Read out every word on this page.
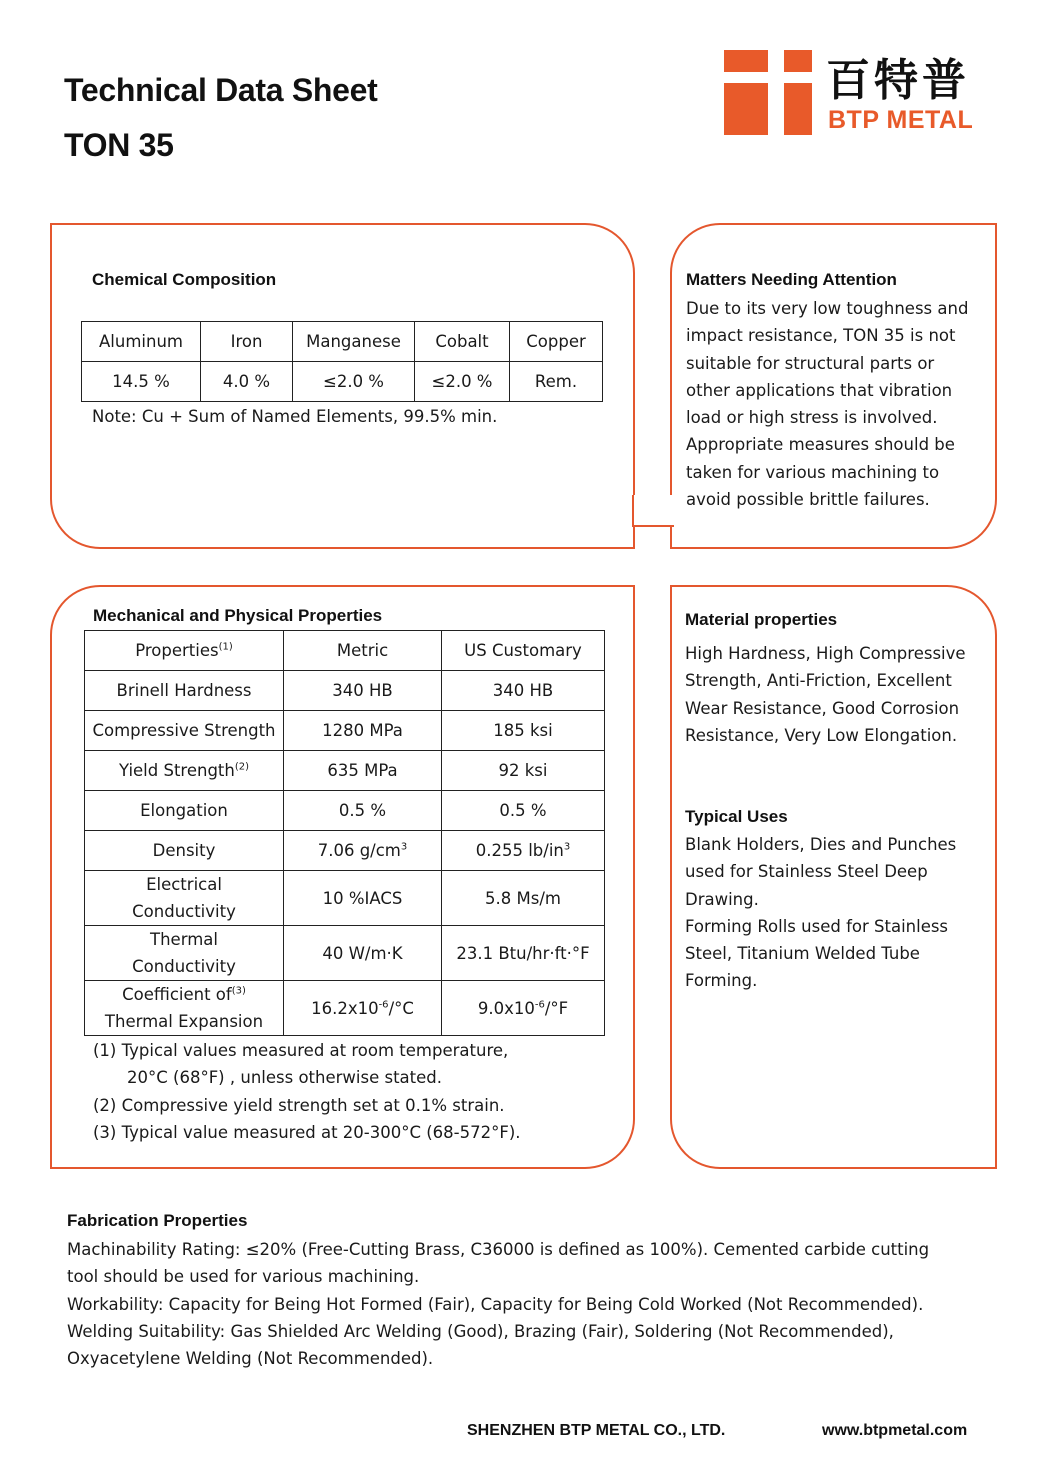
Technical Data Sheet
TON 35
百特普
BTP METAL
Chemical Composition
Aluminum	Iron	Manganese	Cobalt	Copper
14.5 %	4.0 %	≤2.0 %	≤2.0 %	Rem.
Note: Cu + Sum of Named Elements, 99.5% min.
Matters Needing Attention
Due to its very low toughness and
impact resistance, TON 35 is not
suitable for structural parts or
other applications that vibration
load or high stress is involved.
Appropriate measures should be
taken for various machining to
avoid possible brittle failures.
Mechanical and Physical Properties
Properties$^{(1)}$	Metric	US Customary
Brinell Hardness	340 HB	340 HB
Compressive Strength	1280 MPa	185 ksi
Yield Strength$^{(2)}$	635 MPa	92 ksi
Elongation	0.5 %	0.5 %
Density	7.06 $g/cm^3$	0.255 $lb/in^3$

Electrical
Conductivity	10 %IACS	5.8 Ms/m

Thermal
Conductivity	40 W/m·K	23.1 Btu/hr·ft·°F

Coefficient $of^{(3)}$
Thermal Expansion	$16.2x10^{-6}/^\circ C$	$9.0x10^{-6}/^\circ F$
(1) Typical values measured at room temperature,
20°C (68°F) , unless otherwise stated.
(2) Compressive yield strength set at 0.1% strain.
(3) Typical value measured at 20-300°C (68-572°F).
Material properties
High Hardness, High Compressive
Strength, Anti-Friction, Excellent
Wear Resistance, Good Corrosion
Resistance, Very Low Elongation.
Typical Uses
Blank Holders, Dies and Punches
used for Stainless Steel Deep
Drawing.
Forming Rolls used for Stainless
Steel, Titanium Welded Tube
Forming.
Fabrication Properties
Machinability Rating: ≤20% (Free-Cutting Brass, C36000 is defined as 100%). Cemented carbide cutting
tool should be used for various machining.
Workability: Capacity for Being Hot Formed (Fair), Capacity for Being Cold Worked (Not Recommended).
Welding Suitability: Gas Shielded Arc Welding (Good), Brazing (Fair), Soldering (Not Recommended),
Oxyacetylene Welding (Not Recommended).
SHENZHEN BTP METAL CO., LTD.	www.btpmetal.com
